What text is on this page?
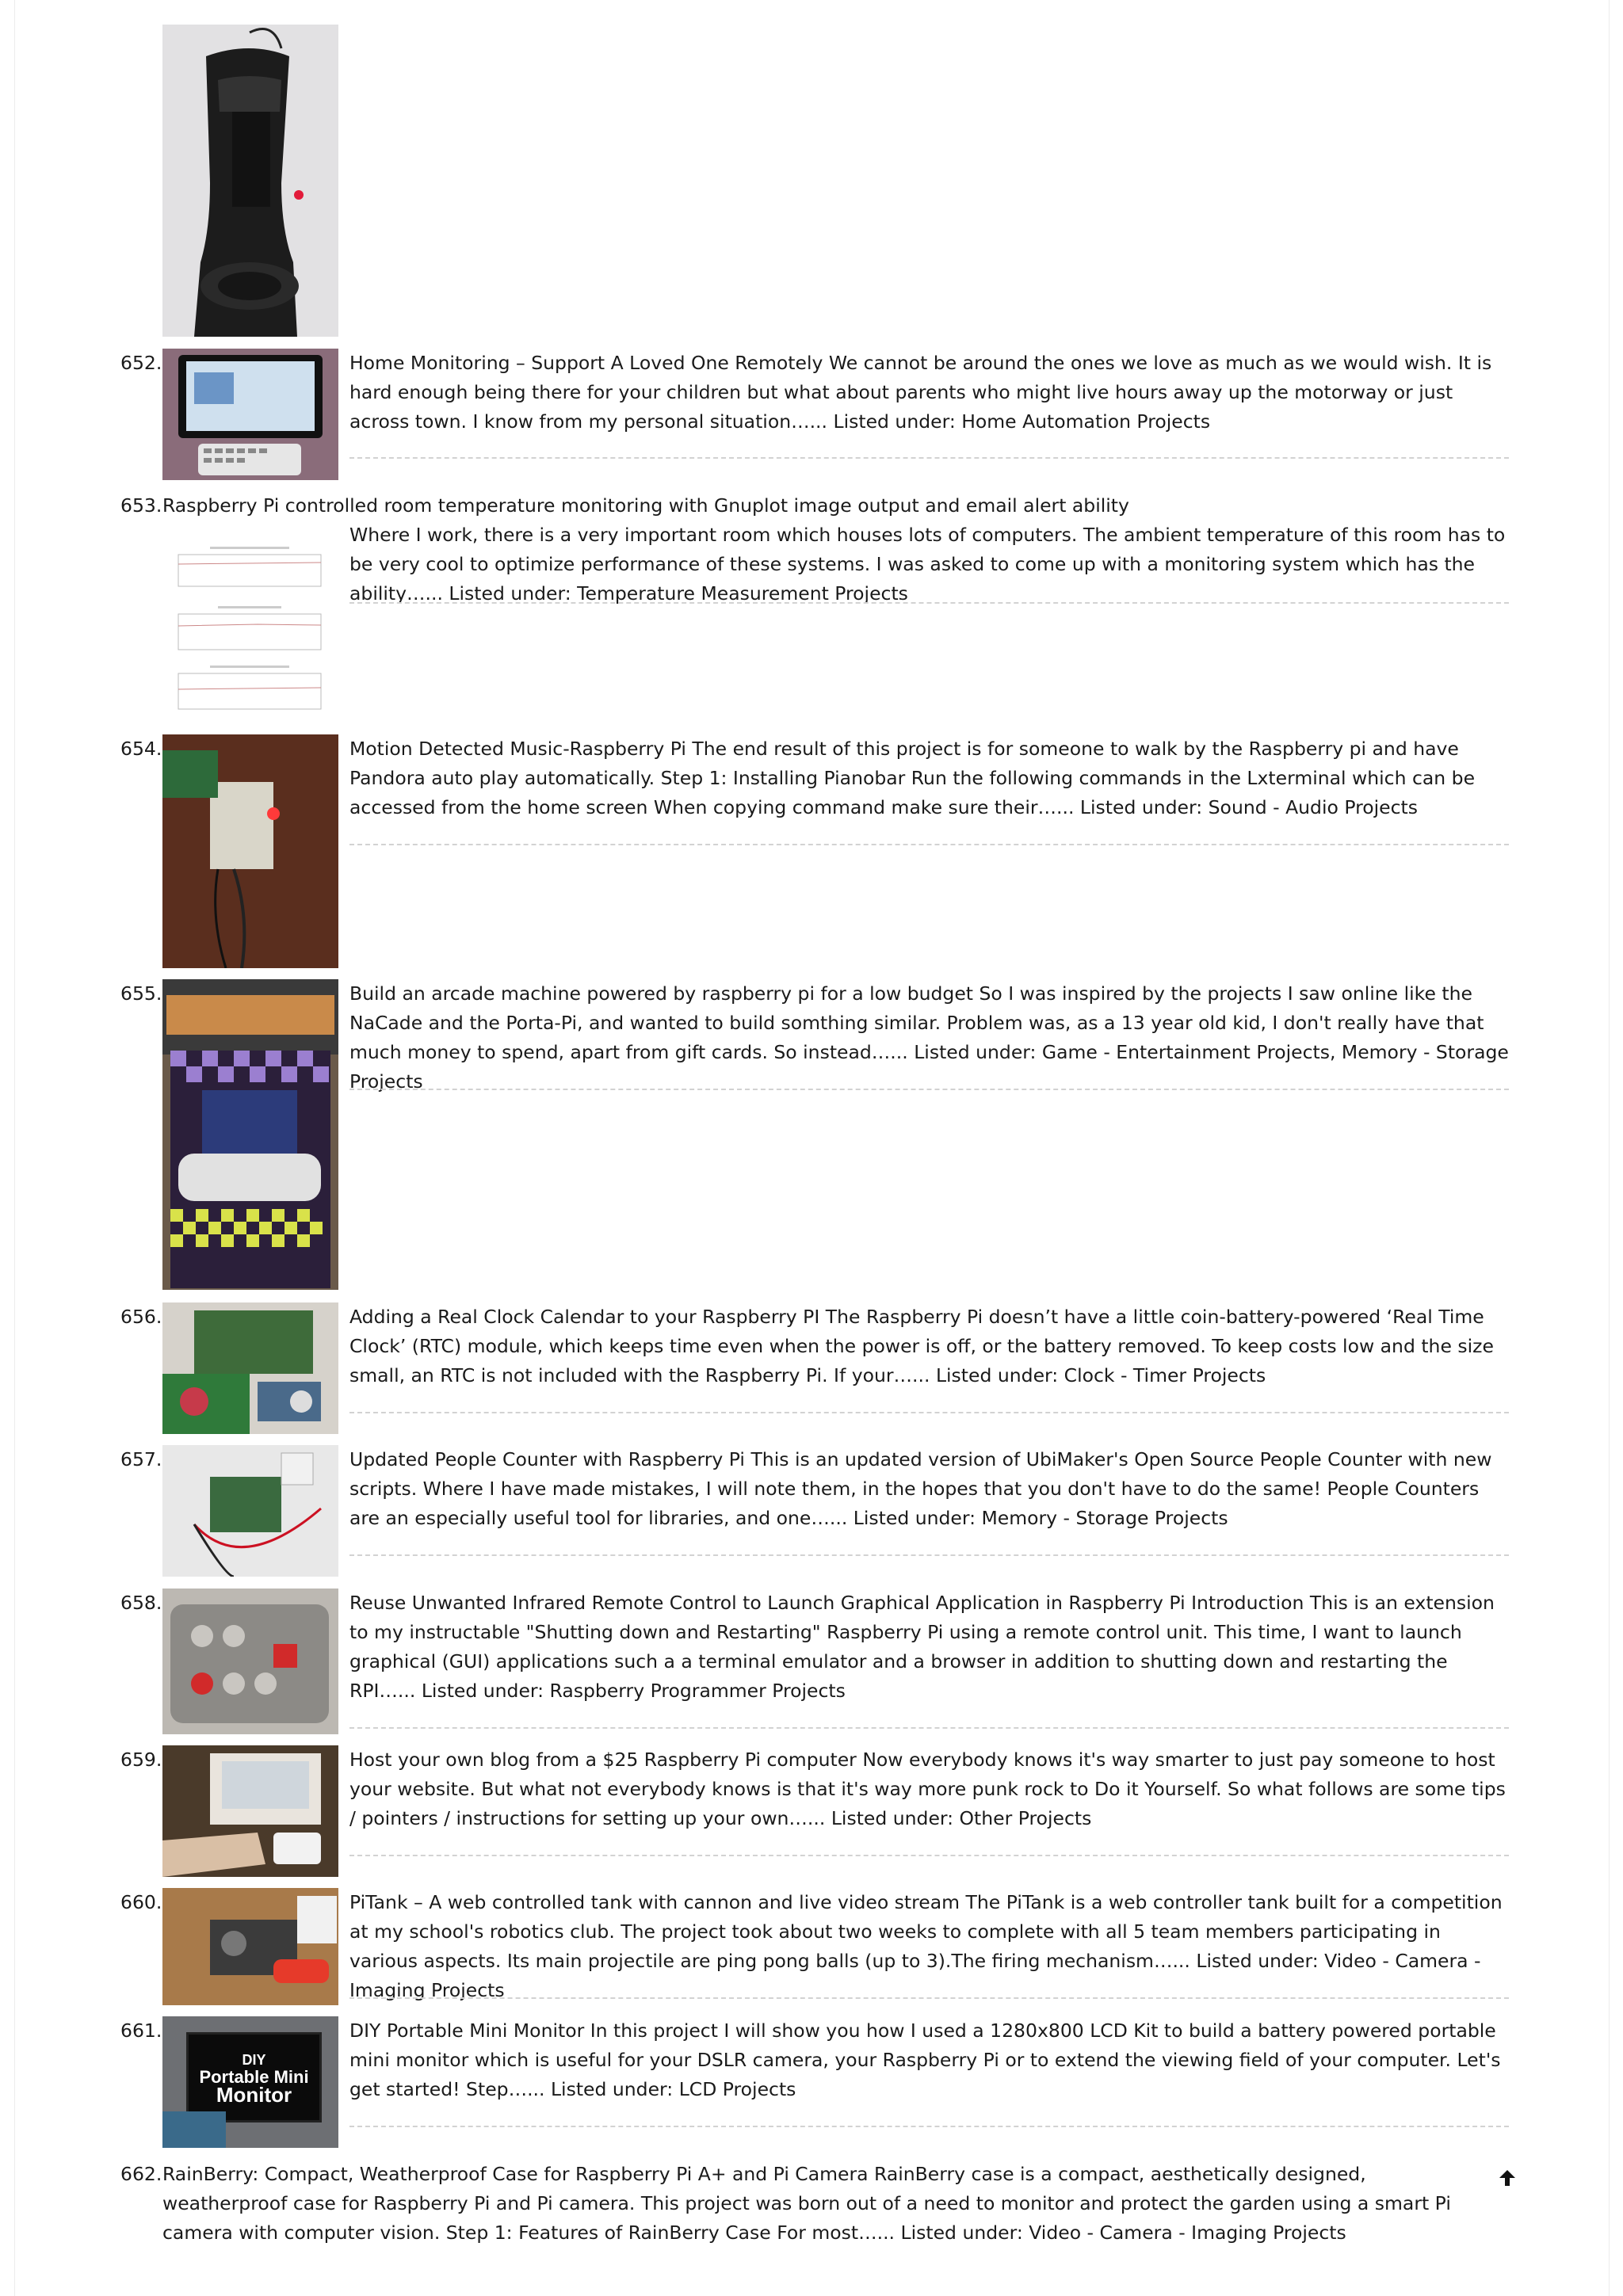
652.	Home Monitoring – Support A Loved One Remotely We cannot be around the ones we love as much as we would wish. It is hard enough being there for your children but what about parents who might live hours away up the motorway or just across town. I know from my personal situation…... Listed under: Home Automation Projects

653. Raspberry Pi controlled room temperature monitoring with Gnuplot image output and email alert ability

Where I work, there is a very important room which houses lots of computers. The ambient temperature of this room has to be very cool to optimize performance of these systems. I was asked to come up with a monitoring system which has the ability…... Listed under: Temperature Measurement Projects

654.	Motion Detected Music-Raspberry Pi The end result of this project is for someone to walk by the Raspberry pi and have Pandora auto play automatically. Step 1: Installing Pianobar Run the following commands in the Lxterminal which can be accessed from the home screen When copying command make sure their…... Listed under: Sound - Audio Projects

655.	Build an arcade machine powered by raspberry pi for a low budget So I was inspired by the projects I saw online like the NaCade and the Porta-Pi, and wanted to build somthing similar. Problem was, as a 13 year old kid, I don't really have that much money to spend, apart from gift cards. So instead…... Listed under: Game - Entertainment Projects, Memory - Storage Projects

656.	Adding a Real Clock Calendar to your Raspberry PI The Raspberry Pi doesn’t have a little coin-battery-powered ‘Real Time Clock’ (RTC) module, which keeps time even when the power is off, or the battery removed. To keep costs low and the size small, an RTC is not included with the Raspberry Pi. If your…... Listed under: Clock - Timer Projects

657.	Updated People Counter with Raspberry Pi This is an updated version of UbiMaker's Open Source People Counter with new scripts. Where I have made mistakes, I will note them, in the hopes that you don't have to do the same! People Counters are an especially useful tool for libraries, and one…... Listed under: Memory - Storage Projects

658.	Reuse Unwanted Infrared Remote Control to Launch Graphical Application in Raspberry Pi Introduction This is an extension to my instructable "Shutting down and Restarting" Raspberry Pi using a remote control unit. This time, I want to launch graphical (GUI) applications such a a terminal emulator and a browser in addition to shutting down and restarting the RPI…... Listed under: Raspberry Programmer Projects

659.	Host your own blog from a $25 Raspberry Pi computer Now everybody knows it's way smarter to just pay someone to host your website. But what not everybody knows is that it's way more punk rock to Do it Yourself. So what follows are some tips / pointers / instructions for setting up your own…... Listed under: Other Projects

660.	PiTank – A web controlled tank with cannon and live video stream The PiTank is a web controller tank built for a competition at my school's robotics club. The project took about two weeks to complete with all 5 team members participating in various aspects. Its main projectile are ping pong balls (up to 3).The firing mechanism…... Listed under: Video - Camera - Imaging Projects

661.
DIY
Portable Mini
Monitor

DIY Portable Mini Monitor In this project I will show you how I used a 1280x800 LCD Kit to build a battery powered portable mini monitor which is useful for your DSLR camera, your Raspberry Pi or to extend the viewing field of your computer. Let's get started! Step…... Listed under: LCD Projects

662. RainBerry: Compact, Weatherproof Case for Raspberry Pi A+ and Pi Camera RainBerry case is a compact, aesthetically designed, weatherproof case for Raspberry Pi and Pi camera. This project was born out of a need to monitor and protect the garden using a smart Pi camera with computer vision. Step 1: Features of RainBerry Case For most…... Listed under: Video - Camera - Imaging Projects
